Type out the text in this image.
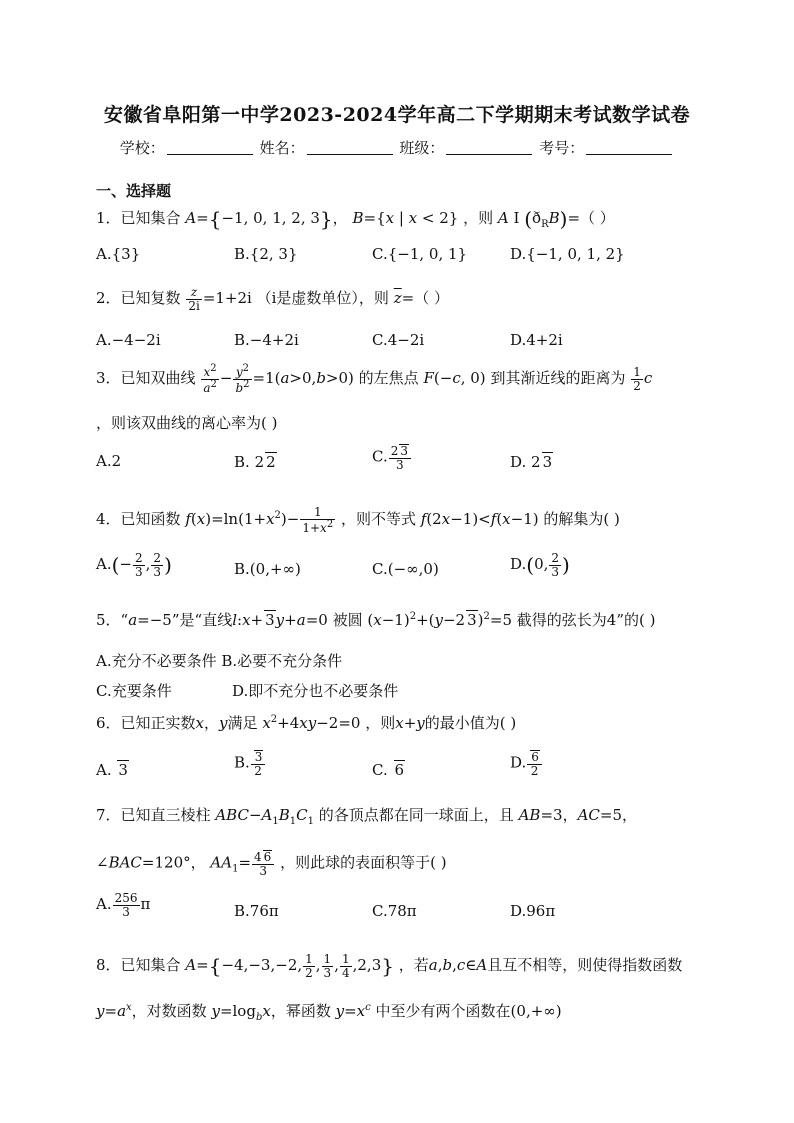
安徽省阜阳第一中学2023-2024学年高二下学期期末考试数学试卷
学校：	姓名：	班级：	考号：
一、选择题
1．已知集合 A={−1, 0, 1, 2, 3}， B={x | x < 2} ，则 A I $(ð_RB)=$（ ）
A.{3}	B.{2, 3}	C.{−1, 0, 1}	D.{−1, 0, 1, 2}
2．已知复数 $\frac{z}{2i} =1+2i$ （i是虚数单位），则 $\overline{z}=$（ ）
A.−4−2i	B.−4+2i	C.4−2i	D.4+2i
3．已知双曲线 $\frac{x^2}{a^2} - \frac{y^2}{b^2} =1(a>0,b>0)$ 的左焦点 F(−c, 0) 到其渐近线的距离为 $\frac{1}{2}$ c
，则该双曲线的离心率为( )
A.2	B. 2 2	C. $\frac{2 3}{3}$	D. 2 3
4．已知函数 $f(x)=\ln(1+x^2)- \frac{1}{1+x^2}$ ，则不等式 f(2x−1)<f(x−1) 的解集为( )
$A.(- \frac{2}{3}$ , $\frac{2}{3}$ )	B.(0,+∞)	C.(−∞,0)	D.(0, $\frac{2}{3}$ )
5．“a=−5”是“直线l:x+ 3y+a=0 被圆 $(x-1)^2+(y-2$ 3)$^2$=5 截得的弦长为4”的( )
A.充分不必要条件 B.必要不充分条件
C.充要条件	D.即不充分也不必要条件
6．已知正实数x，y满足 $x^2+4xy-2=0$ ，则x+y的最小值为( )
A. 3	B. $\frac{3}{2}$	C. 6	D. $\frac{6}{2}$
7．已知直三棱柱 $ABC-A_1B_1C_1$ 的各顶点都在同一球面上，且 AB=3，AC=5，
∠BAC=120°， $AA_1= \frac{4 6}{3}$ ，则此球的表面积等于( )
A. $\frac{256}{3}$ π	B.76π	C.78π	D.96π
8．已知集合 A={−4,−3,−2, $\frac{1}{2}$ , $\frac{1}{3}$ , $\frac{1}{4} ,2,3$} ，若a,b,c∈A且互不相等，则使得指数函数
$y=a^x$，对数函数 $y=\log_bx$，幂函数 $y=x^c$ 中至少有两个函数在(0,+∞)
